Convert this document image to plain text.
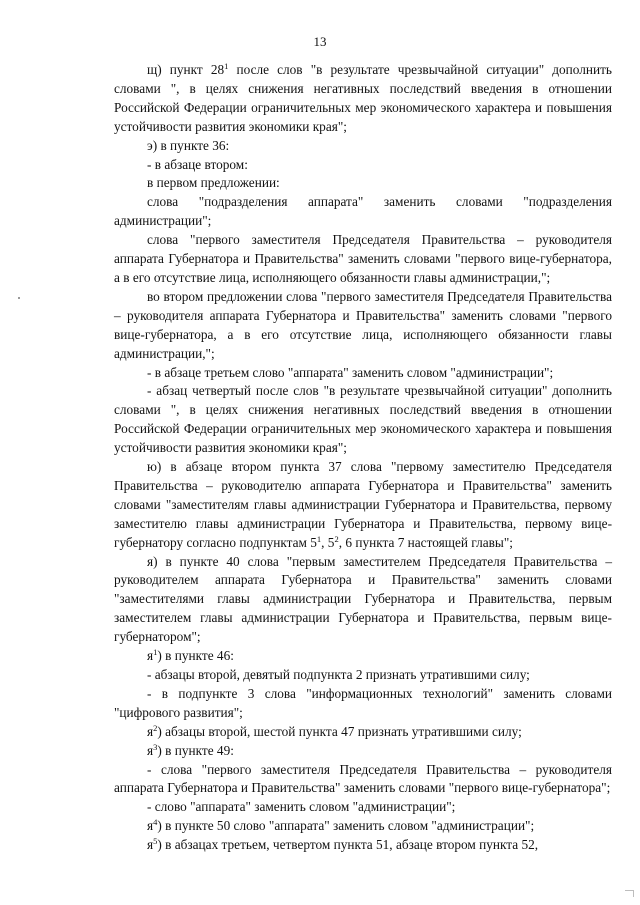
13

щ) пункт $28^1$ после слов "в результате чрезвычайной ситуации" дополнить словами ", в целях снижения негативных последствий введения в отношении Российской Федерации ограничительных мер экономического характера и повышения устойчивости развития экономики края";

э) в пункте 36:

- в абзаце втором:

в первом предложении:

слова "подразделения аппарата" заменить словами "подразделения администрации";

слова "первого заместителя Председателя Правительства – руководителя аппарата Губернатора и Правительства" заменить словами "первого вице-губернатора, а в его отсутствие лица, исполняющего обязанности главы администрации,";

во втором предложении слова "первого заместителя Председателя Правительства – руководителя аппарата Губернатора и Правительства" заменить словами "первого вице-губернатора, а в его отсутствие лица, исполняющего обязанности главы администрации,";

- в абзаце третьем слово "аппарата" заменить словом "администрации";

- абзац четвертый после слов "в результате чрезвычайной ситуации" дополнить словами ", в целях снижения негативных последствий введения в отношении Российской Федерации ограничительных мер экономического характера и повышения устойчивости развития экономики края";

ю) в абзаце втором пункта 37 слова "первому заместителю Председателя Правительства – руководителю аппарата Губернатора и Правительства" заменить словами "заместителям главы администрации Губернатора и Правительства, первому заместителю главы администрации Губернатора и Правительства, первому вице-губернатору согласно подпунктам $5^1$, $5^2$, 6 пункта 7 настоящей главы";

я) в пункте 40 слова "первым заместителем Председателя Правительства – руководителем аппарата Губернатора и Правительства" заменить словами "заместителями главы администрации Губернатора и Правительства, первым заместителем главы администрации Губернатора и Правительства, первым вице-губернатором";

$я^1$) в пункте 46:

- абзацы второй, девятый подпункта 2 признать утратившими силу;

- в подпункте 3 слова "информационных технологий" заменить словами "цифрового развития";

$я^2$) абзацы второй, шестой пункта 47 признать утратившими силу;

$я^3$) в пункте 49:

- слова "первого заместителя Председателя Правительства – руководителя аппарата Губернатора и Правительства" заменить словами "первого вице-губернатора";

- слово "аппарата" заменить словом "администрации";

$я^4$) в пункте 50 слово "аппарата" заменить словом "администрации";

$я^5$) в абзацах третьем, четвертом пункта 51, абзаце втором пункта 52,
